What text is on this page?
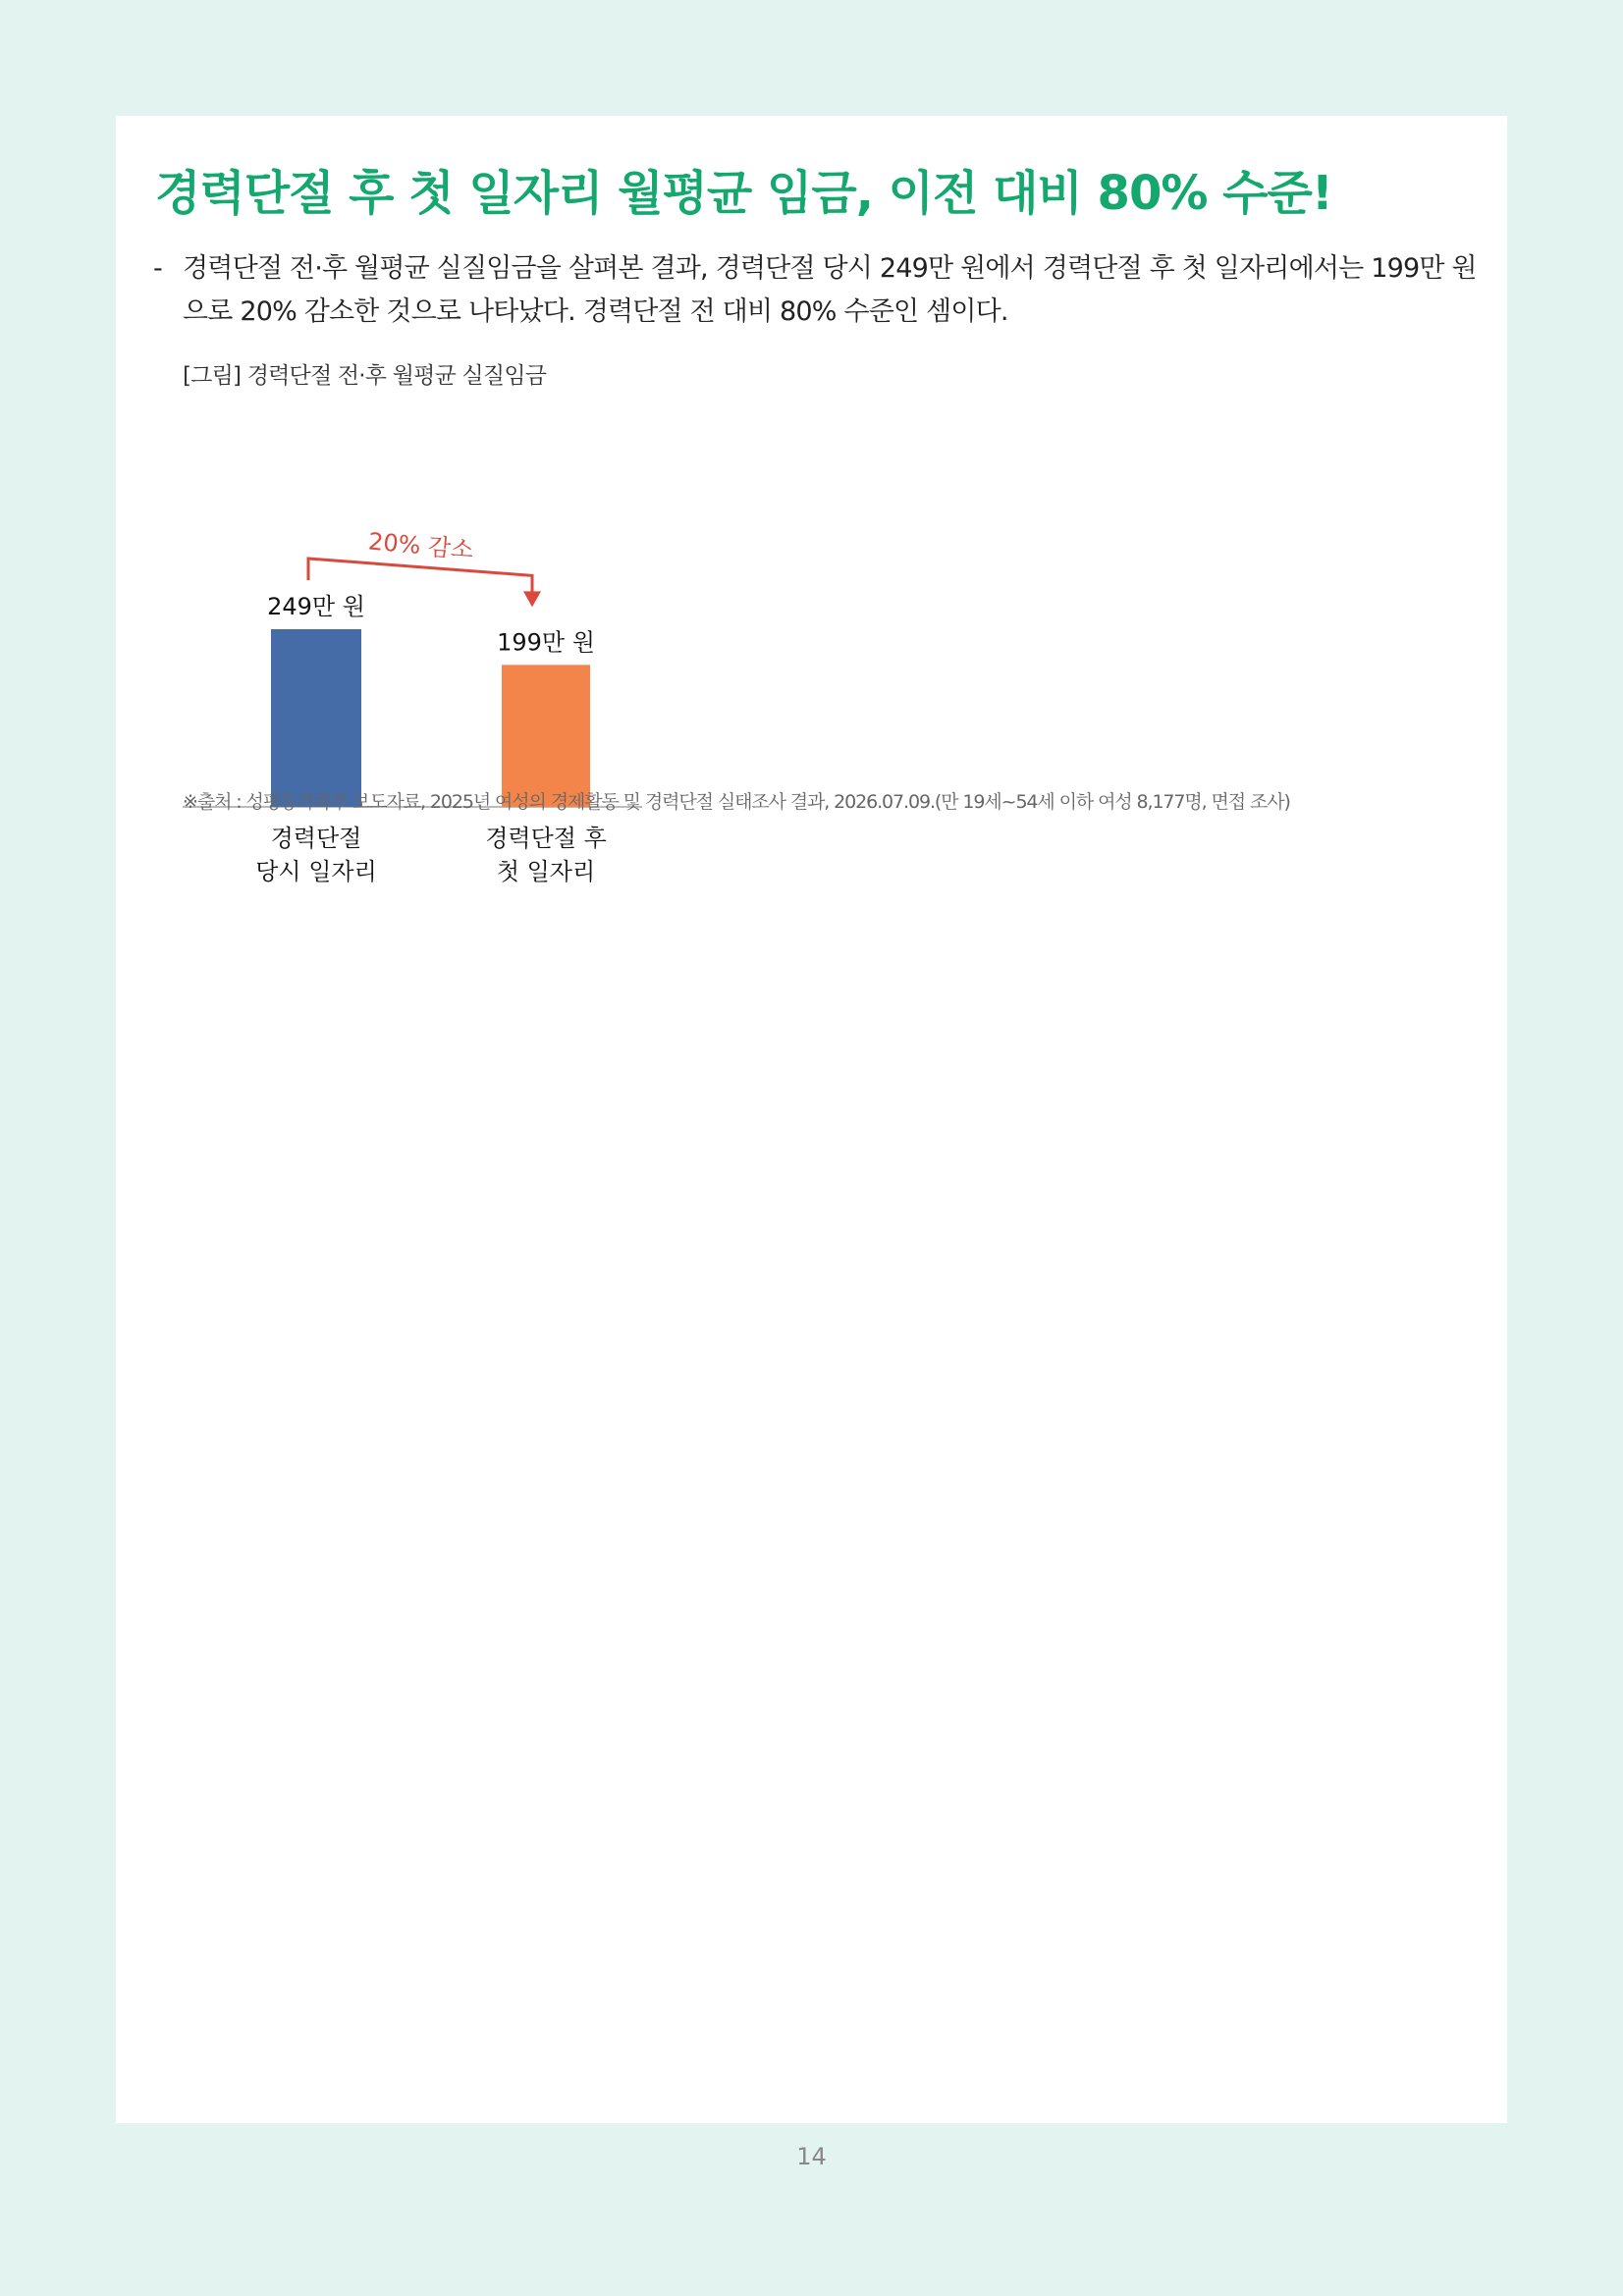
경력단절 후 첫 일자리 월평균 임금, 이전 대비 80% 수준!
- 경력단절 전·후 월평균 실질임금을 살펴본 결과, 경력단절 당시 249만 원에서 경력단절 후 첫 일자리에서는 199만 원으로 20% 감소한 것으로 나타났다. 경력단절 전 대비 80% 수준인 셈이다.
[그림] 경력단절 전·후 월평균 실질임금
249만 원
경력단절
당시 일자리
199만 원
경력단절 후
첫 일자리
20% 감소
※출처 : 성평등가족부 보도자료, 2025년 여성의 경제활동 및 경력단절 실태조사 결과, 2026.07.09.(만 19세~54세 이하 여성 8,177명, 면접 조사)
14
